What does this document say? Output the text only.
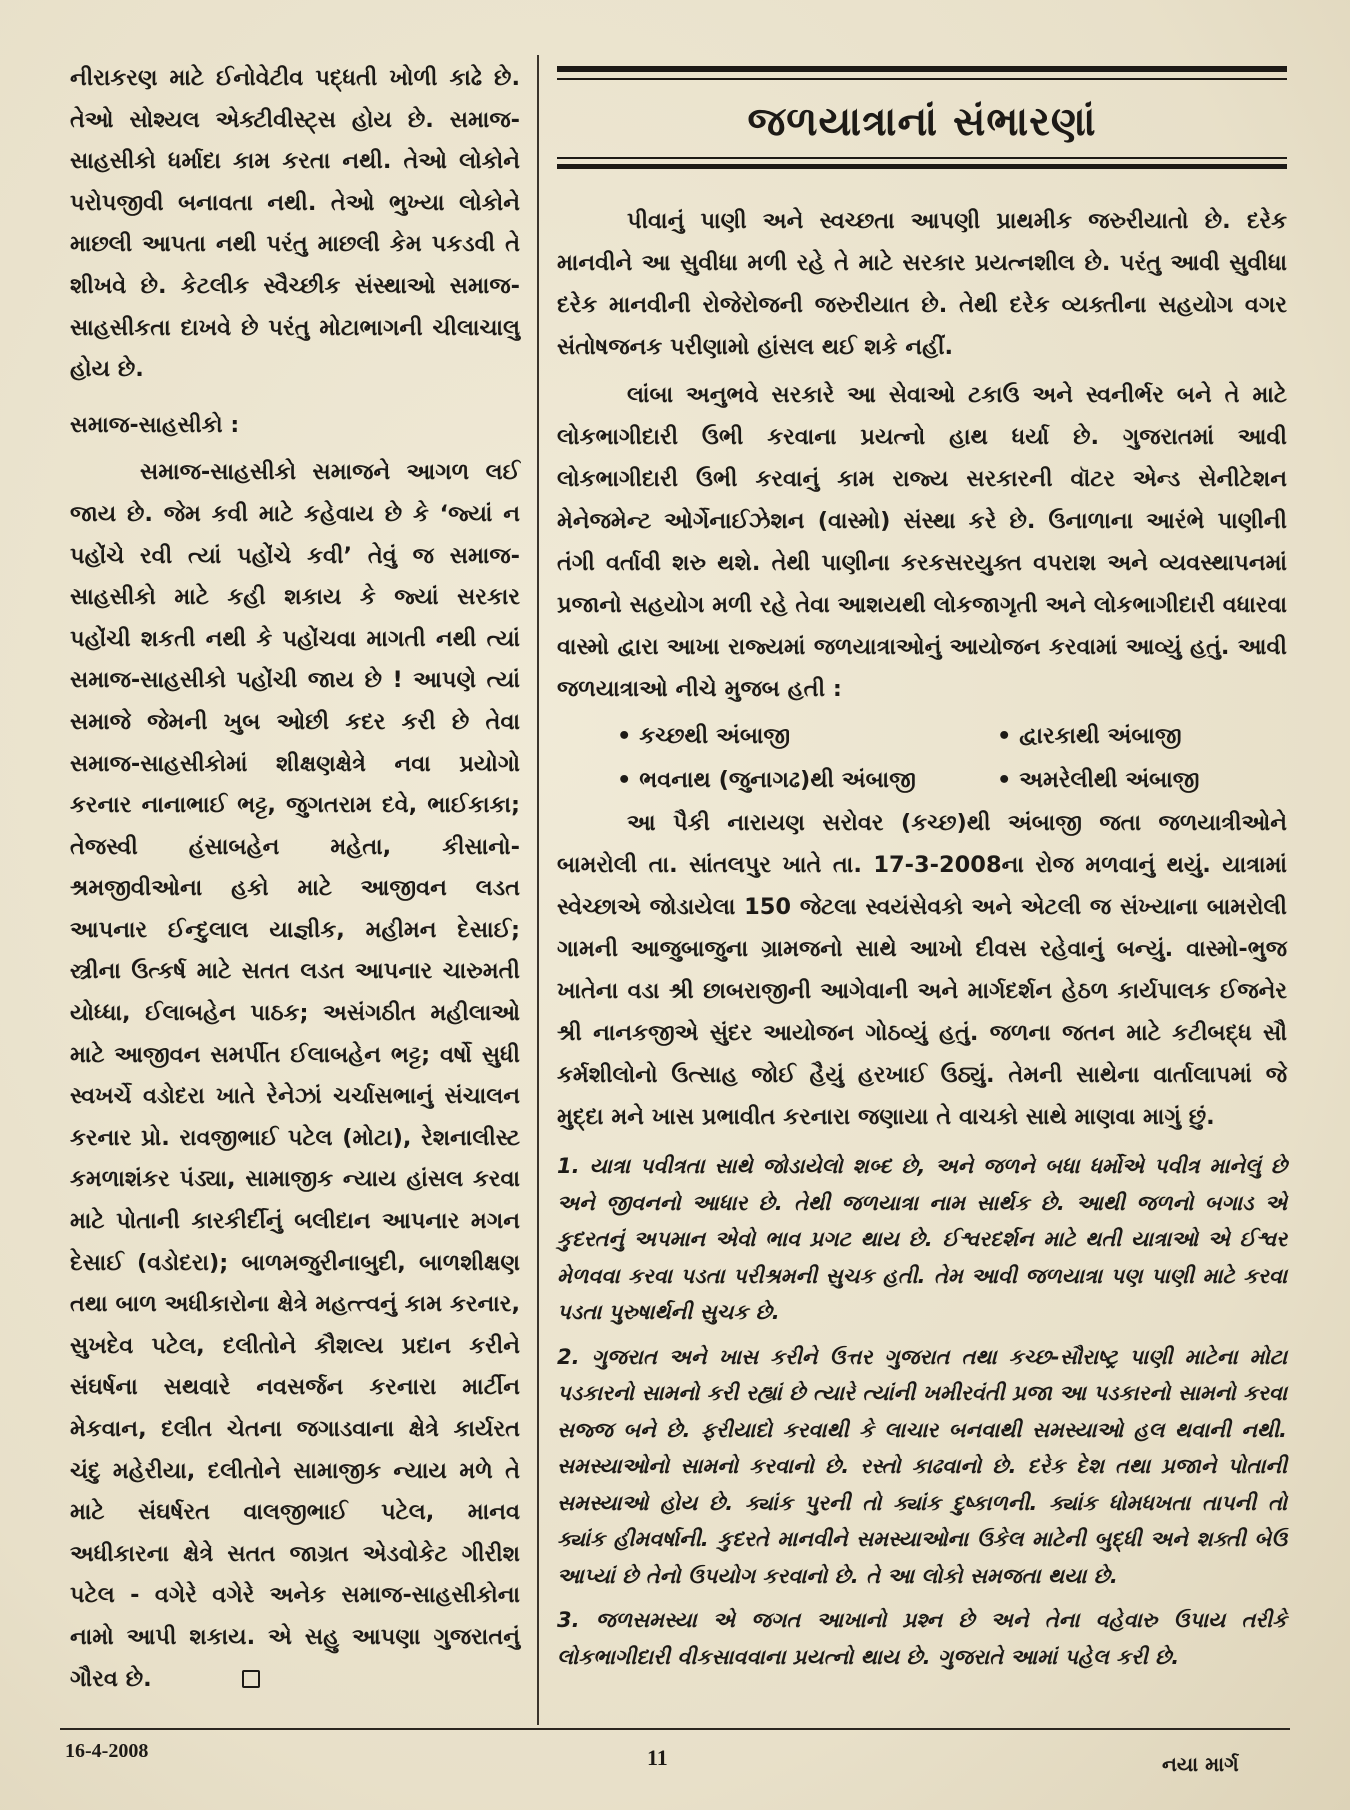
નીરાકરણ માટે ઈનોવેટીવ પદ્ધતી ખોળી કાઢે છે. તેઓ સોશ્યલ એક્ટીવીસ્ટ્સ હોય છે. સમાજ-સાહસીકો ધર્માદા કામ કરતા નથી. તેઓ લોકોને પરોપજીવી બનાવતા નથી. તેઓ ભુખ્યા લોકોને માછલી આપતા નથી પરંતુ માછલી કેમ પકડવી તે શીખવે છે. કેટલીક સ્વૈચ્છીક સંસ્થાઓ સમાજ-સાહસીકતા દાખવે છે પરંતુ મોટાભાગની ચીલાચાલુ હોય છે.

સમાજ-સાહસીકો :

સમાજ-સાહસીકો સમાજને આગળ લઈ જાય છે. જેમ કવી માટે કહેવાય છે કે ‘જ્યાં ન પહોંચે રવી ત્યાં પહોંચે કવી’ તેવું જ સમાજ-સાહસીકો માટે કહી શકાય કે જ્યાં સરકાર પહોંચી શકતી નથી કે પહોંચવા માગતી નથી ત્યાં સમાજ-સાહસીકો પહોંચી જાય છે ! આપણે ત્યાં સમાજે જેમની ખુબ ઓછી કદર કરી છે તેવા સમાજ-સાહસીકોમાં શીક્ષણક્ષેત્રે નવા પ્રયોગો કરનાર નાનાભાઈ ભટ્ટ, જુગતરામ દવે, ભાઈકાકા; તેજસ્વી હંસાબહેન મહેતા, કીસાનો-શ્રમજીવીઓના હકો માટે આજીવન લડત આપનાર ઈન્દુલાલ યાજ્ઞીક, મહીમન દેસાઈ; સ્ત્રીના ઉત્કર્ષ માટે સતત લડત આપનાર ચારુમતી યોધ્ધા, ઈલાબહેન પાઠક; અસંગઠીત મહીલાઓ માટે આજીવન સમર્પીત ઈલાબહેન ભટ્ટ; વર્ષો સુધી સ્વખર્ચે વડોદરા ખાતે રેનેઝાં ચર્ચાસભાનું સંચાલન કરનાર પ્રો. રાવજીભાઈ પટેલ (મોટા), રેશનાલીસ્ટ કમળાશંકર પંડ્યા, સામાજીક ન્યાય હાંસલ કરવા માટે પોતાની કારકીર્દીનું બલીદાન આપનાર મગન દેસાઈ (વડોદરા); બાળમજુરીનાબુદી, બાળશીક્ષણ તથા બાળ અધીકારોના ક્ષેત્રે મહત્ત્વનું કામ કરનાર, સુખદેવ પટેલ, દલીતોને કૌશલ્ય પ્રદાન કરીને સંઘર્ષના સથવારે નવસર્જન કરનારા માર્ટીન મેકવાન, દલીત ચેતના જગાડવાના ક્ષેત્રે કાર્યરત ચંદુ મહેરીયા, દલીતોને સામાજીક ન્યાય મળે તે માટે સંઘર્ષરત વાલજીભાઈ પટેલ, માનવ અધીકારના ક્ષેત્રે સતત જાગ્રત એડવોકેટ ગીરીશ પટેલ - વગેરે વગેરે અનેક સમાજ-સાહસીકોના નામો આપી શકાય. એ સહુ આપણા ગુજરાતનું ગૌરવ છે.

જળયાત્રાનાં સંભારણાં

પીવાનું પાણી અને સ્વચ્છતા આપણી પ્રાથમીક જરુરીયાતો છે. દરેક માનવીને આ સુવીધા મળી રહે તે માટે સરકાર પ્રયત્નશીલ છે. પરંતુ આવી સુવીધા દરેક માનવીની રોજેરોજની જરુરીયાત છે. તેથી દરેક વ્યક્તીના સહયોગ વગર સંતોષજનક પરીણામો હાંસલ થઈ શકે નહીં.

લાંબા અનુભવે સરકારે આ સેવાઓ ટકાઉ અને સ્વનીર્ભર બને તે માટે લોકભાગીદારી ઉભી કરવાના પ્રયત્નો હાથ ધર્યા છે. ગુજરાતમાં આવી લોકભાગીદારી ઉભી કરવાનું કામ રાજ્ય સરકારની વૉટર એન્ડ સેનીટેશન મેનેજમેન્ટ ઓર્ગેનાઈઝેશન (વાસ્મો) સંસ્થા કરે છે. ઉનાળાના આરંભે પાણીની તંગી વર્તાવી શરુ થશે. તેથી પાણીના કરકસરયુક્ત વપરાશ અને વ્યવસ્થાપનમાં પ્રજાનો સહયોગ મળી રહે તેવા આશયથી લોકજાગૃતી અને લોકભાગીદારી વધારવા વાસ્મો દ્વારા આખા રાજ્યમાં જળયાત્રાઓનું આયોજન કરવામાં આવ્યું હતું. આવી જળયાત્રાઓ નીચે મુજબ હતી :

• કચ્છથી અંબાજી	• દ્વારકાથી અંબાજી
• ભવનાથ (જુનાગઢ)થી અંબાજી	• અમરેલીથી અંબાજી

આ પૈકી નારાયણ સરોવર (કચ્છ)થી અંબાજી જતા જળયાત્રીઓને બામરોલી તા. સાંતલપુર ખાતે તા. 17-3-2008ના રોજ મળવાનું થયું. યાત્રામાં સ્વેચ્છાએ જોડાયેલા 150 જેટલા સ્વયંસેવકો અને એટલી જ સંખ્યાના બામરોલી ગામની આજુબાજુના ગ્રામજનો સાથે આખો દીવસ રહેવાનું બન્યું. વાસ્મો-ભુજ ખાતેના વડા શ્રી છાબરાજીની આગેવાની અને માર્ગદર્શન હેઠળ કાર્યપાલક ઈજનેર શ્રી નાનકજીએ સુંદર આયોજન ગોઠવ્યું હતું. જળના જતન માટે કટીબદ્ધ સૌ કર્મશીલોનો ઉત્સાહ જોઈ હૈયું હરખાઈ ઉઠ્યું. તેમની સાથેના વાર્તાલાપમાં જે મુદ્દા મને ખાસ પ્રભાવીત કરનારા જણાયા તે વાચકો સાથે માણવા માગું છું.

1. યાત્રા પવીત્રતા સાથે જોડાયેલો શબ્દ છે, અને જળને બધા ધર્મોએ પવીત્ર માનેલું છે અને જીવનનો આધાર છે. તેથી જળયાત્રા નામ સાર્થક છે. આથી જળનો બગાડ એ કુદરતનું અપમાન એવો ભાવ પ્રગટ થાય છે. ઈશ્વરદર્શન માટે થતી યાત્રાઓ એ ઈશ્વર મેળવવા કરવા પડતા પરીશ્રમની સુચક હતી. તેમ આવી જળયાત્રા પણ પાણી માટે કરવા પડતા પુરુષાર્થની સુચક છે.

2. ગુજરાત અને ખાસ કરીને ઉત્તર ગુજરાત તથા કચ્છ-સૌરાષ્ટ્ર પાણી માટેના મોટા પડકારનો સામનો કરી રહ્યાં છે ત્યારે ત્યાંની ખમીરવંતી પ્રજા આ પડકારનો સામનો કરવા સજ્જ બને છે. ફરીયાદો કરવાથી કે લાચાર બનવાથી સમસ્યાઓ હલ થવાની નથી. સમસ્યાઓનો સામનો કરવાનો છે. રસ્તો કાઢવાનો છે. દરેક દેશ તથા પ્રજાને પોતાની સમસ્યાઓ હોય છે. ક્યાંક પુરની તો ક્યાંક દુષ્કાળની. ક્યાંક ધોમધખતા તાપની તો ક્યાંક હીમવર્ષાની. કુદરતે માનવીને સમસ્યાઓના ઉકેલ માટેની બુદ્ધી અને શક્તી બેઉ આપ્યાં છે તેનો ઉપયોગ કરવાનો છે. તે આ લોકો સમજતા થયા છે.

3. જળસમસ્યા એ જગત આખાનો પ્રશ્ન છે અને તેના વહેવારુ ઉપાય તરીકે લોકભાગીદારી વીકસાવવાના પ્રયત્નો થાય છે. ગુજરાતે આમાં પહેલ કરી છે.

16-4-2008	11	નયા માર્ગ
